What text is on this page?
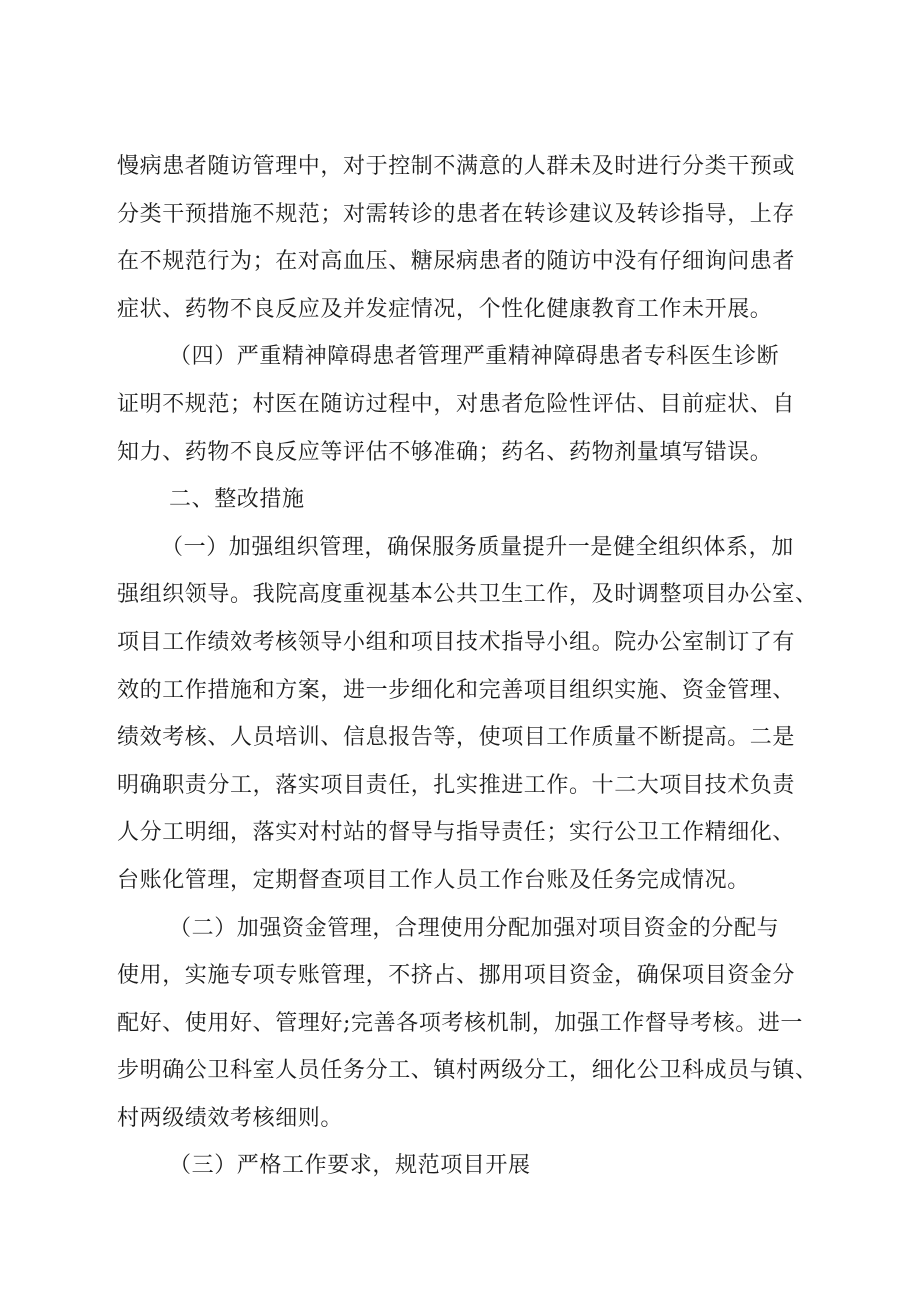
慢病患者随访管理中，对于控制不满意的人群未及时进行分类干预或
分类干预措施不规范；对需转诊的患者在转诊建议及转诊指导，上存
在不规范行为；在对高血压、糖尿病患者的随访中没有仔细询问患者
症状、药物不良反应及并发症情况，个性化健康教育工作未开展。
（四）严重精神障碍患者管理严重精神障碍患者专科医生诊断
证明不规范；村医在随访过程中，对患者危险性评估、目前症状、自
知力、药物不良反应等评估不够准确；药名、药物剂量填写错误。
二、整改措施
（一）加强组织管理，确保服务质量提升一是健全组织体系，加
强组织领导。我院高度重视基本公共卫生工作，及时调整项目办公室、
项目工作绩效考核领导小组和项目技术指导小组。院办公室制订了有
效的工作措施和方案，进一步细化和完善项目组织实施、资金管理、
绩效考核、人员培训、信息报告等，使项目工作质量不断提高。二是
明确职责分工，落实项目责任，扎实推进工作。十二大项目技术负责
人分工明细，落实对村站的督导与指导责任；实行公卫工作精细化、
台账化管理，定期督查项目工作人员工作台账及任务完成情况。
（二）加强资金管理，合理使用分配加强对项目资金的分配与
使用，实施专项专账管理，不挤占、挪用项目资金，确保项目资金分
配好、使用好、管理好;完善各项考核机制，加强工作督导考核。进一
步明确公卫科室人员任务分工、镇村两级分工，细化公卫科成员与镇、
村两级绩效考核细则。
（三）严格工作要求，规范项目开展
